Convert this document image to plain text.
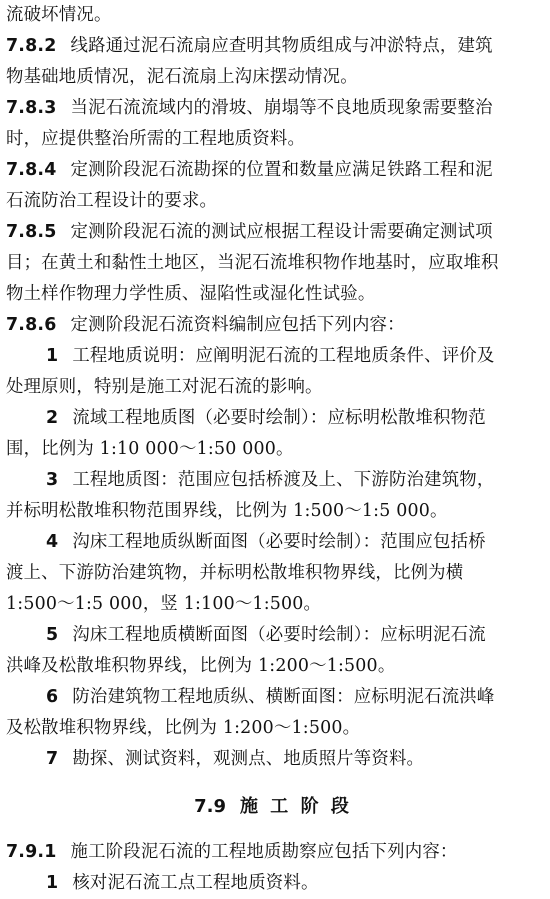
流破坏情况。
7.8.2 线路通过泥石流扇应查明其物质组成与冲淤特点，建筑
物基础地质情况，泥石流扇上沟床摆动情况。
7.8.3 当泥石流流域内的滑坡、崩塌等不良地质现象需要整治
时，应提供整治所需的工程地质资料。
7.8.4 定测阶段泥石流勘探的位置和数量应满足铁路工程和泥
石流防治工程设计的要求。
7.8.5 定测阶段泥石流的测试应根据工程设计需要确定测试项
目；在黄土和黏性土地区，当泥石流堆积物作地基时，应取堆积
物土样作物理力学性质、湿陷性或湿化性试验。
7.8.6 定测阶段泥石流资料编制应包括下列内容：
1 工程地质说明：应阐明泥石流的工程地质条件、评价及
处理原则，特别是施工对泥石流的影响。
2 流域工程地质图（必要时绘制）：应标明松散堆积物范
围，比例为 1:10 000～1:50 000。
3 工程地质图：范围应包括桥渡及上、下游防治建筑物，
并标明松散堆积物范围界线，比例为 1:500～1:5 000。
4 沟床工程地质纵断面图（必要时绘制）：范围应包括桥
渡上、下游防治建筑物，并标明松散堆积物界线，比例为横
1:500～1:5 000，竖 1:100～1:500。
5 沟床工程地质横断面图（必要时绘制）：应标明泥石流
洪峰及松散堆积物界线，比例为 1:200～1:500。
6 防治建筑物工程地质纵、横断面图：应标明泥石流洪峰
及松散堆积物界线，比例为 1:200～1:500。
7 勘探、测试资料，观测点、地质照片等资料。
7.9 施 工 阶 段
7.9.1 施工阶段泥石流的工程地质勘察应包括下列内容：
1 核对泥石流工点工程地质资料。
